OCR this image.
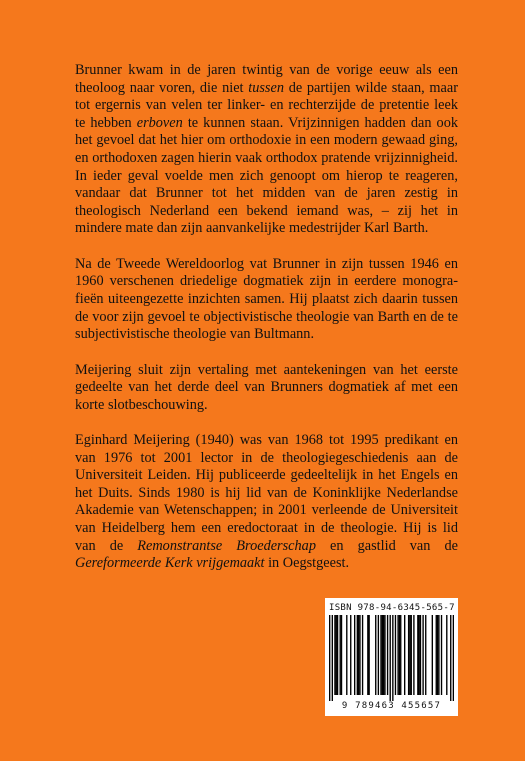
Brunner kwam in de jaren twintig van de vorige eeuw als een theoloog naar voren, die niet tussen de partijen wilde staan, maar tot ergernis van velen ter linker- en rechterzijde de pretentie leek te hebben erboven te kunnen staan. Vrijzinnigen hadden dan ook het gevoel dat het hier om orthodoxie in een modern gewaad ging, en orthodoxen zagen hierin vaak orthodox pratende vrijzinnigheid. In ieder geval voelde men zich genoopt om hierop te reageren, vandaar dat Brunner tot het midden van de jaren zestig in theologisch Nederland een bekend iemand was, – zij het in mindere mate dan zijn aanvankelijke medestrijder Karl Barth.

Na de Tweede Wereldoorlog vat Brunner in zijn tussen 1946 en 1960 verschenen driedelige dogmatiek zijn in eerdere monografieën uiteengezette inzichten samen. Hij plaatst zich daarin tussen de voor zijn gevoel te objectivistische theologie van Barth en de te subjectivistische theologie van Bultmann.

Meijering sluit zijn vertaling met aantekeningen van het eerste gedeelte van het derde deel van Brunners dogmatiek af met een korte slotbeschouwing.

Eginhard Meijering (1940) was van 1968 tot 1995 predikant en van 1976 tot 2001 lector in de theologiegeschiedenis aan de Universiteit Leiden. Hij publiceerde gedeeltelijk in het Engels en het Duits. Sinds 1980 is hij lid van de Koninklijke Nederlandse Akademie van Wetenschappen; in 2001 verleende de Universiteit van Heidelberg hem een eredoctoraat in de theologie. Hij is lid van de Remonstrantse Broederschap en gastlid van de Gereformeerde Kerk vrijgemaakt in Oegstgeest.

ISBN 978-94-6345-565-7
9 789463 455657
